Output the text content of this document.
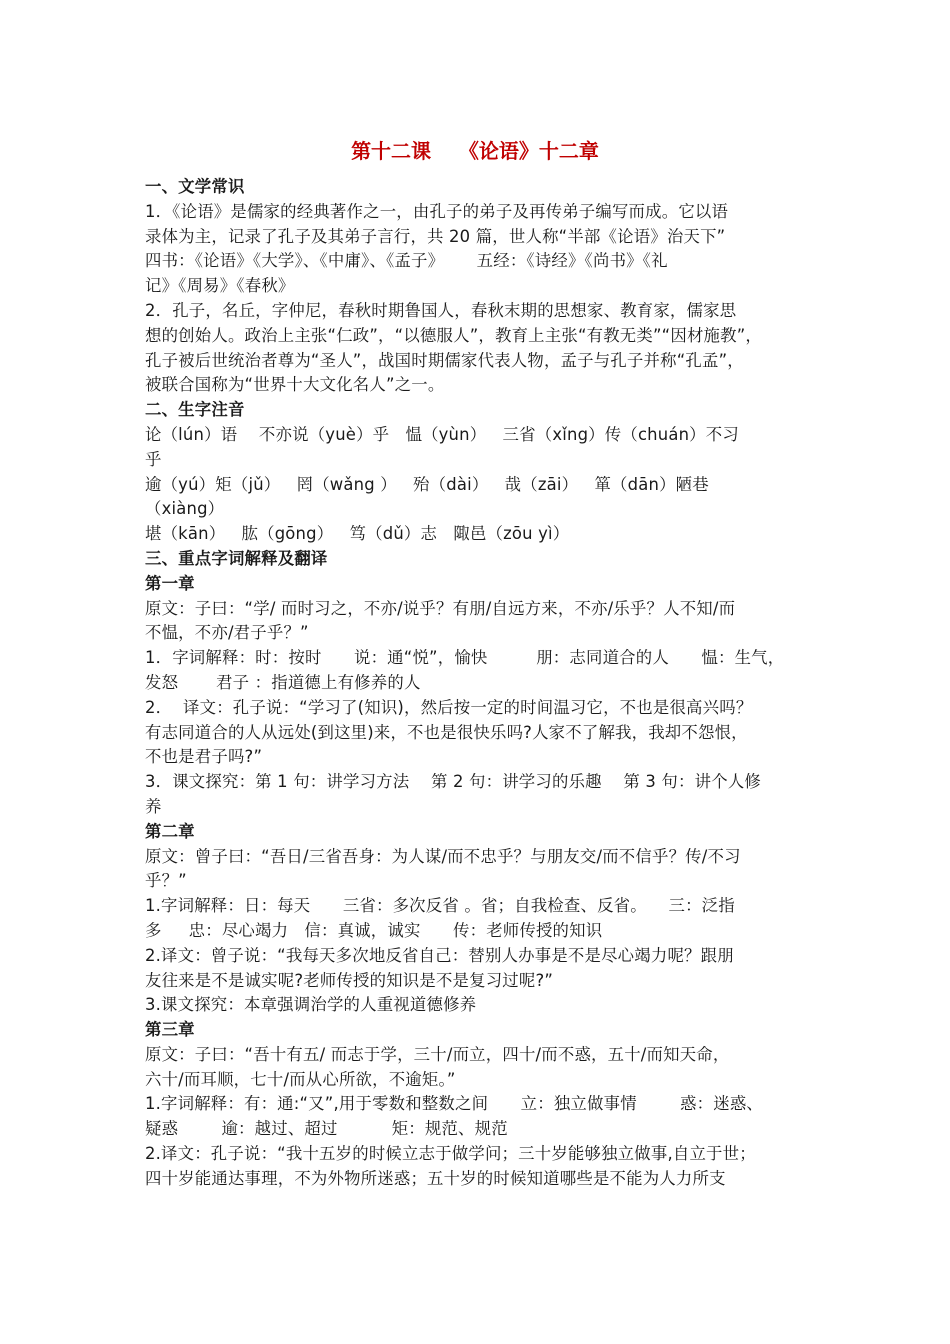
第十二课    《论语》十二章
一、文学常识
1．《论语》是儒家的经典著作之一，由孔子的弟子及再传弟子编写而成。它以语
录体为主，记录了孔子及其弟子言行，共 20 篇，世人称“半部《论语》治天下”
四书：《论语》《大学》、《中庸》、《孟子》      五经：《诗经》《尚书》《礼
记》《周易》《春秋》
2．孔子，名丘，字仲尼，春秋时期鲁国人，春秋末期的思想家、教育家，儒家思
想的创始人。政治上主张“仁政”，“以德服人”，教育上主张“有教无类”“因材施教”，
孔子被后世统治者尊为“圣人”，战国时期儒家代表人物，孟子与孔子并称“孔孟”，
被联合国称为“世界十大文化名人”之一。
二、生字注音
论（lún）语    不亦说（yuè）乎   愠（yùn）   三省（xǐng）传（chuán）不习
乎
逾（yú）矩（jǔ）   罔（wǎng ）   殆（dài）   哉（zāi）   箪（dān）陋巷
（xiàng）
堪（kān）   肱（gōng）   笃（dǔ）志   陬邑（zōu yì）
三、重点字词解释及翻译
第一章
原文：子曰：“学/ 而时习之，不亦/说乎？有朋/自远方来，不亦/乐乎？人不知/而
不愠，不亦/君子乎？”
1．字词解释：时：按时      说：通“悦”，愉快         朋：志同道合的人      愠：生气，
发怒       君子 ：指道德上有修养的人
2．  译文：孔子说：“学习了(知识)，然后按一定的时间温习它，不也是很高兴吗？
有志同道合的人从远处(到这里)来，不也是很快乐吗?人家不了解我，我却不怨恨，
不也是君子吗?”
3．课文探究：第 1 句：讲学习方法    第 2 句：讲学习的乐趣    第 3 句：讲个人修
养
第二章
原文：曾子曰：“吾日/三省吾身：为人谋/而不忠乎？与朋友交/而不信乎？传/不习
乎？”
1.字词解释：日：每天      三省：多次反省 。省；自我检查、反省。    三：泛指
多     忠：尽心竭力   信：真诚，诚实      传：老师传授的知识
2.译文：曾子说：“我每天多次地反省自己：替别人办事是不是尽心竭力呢？跟朋
友往来是不是诚实呢?老师传授的知识是不是复习过呢?”
3.课文探究：本章强调治学的人重视道德修养
第三章
原文：子曰：“吾十有五/ 而志于学，三十/而立，四十/而不惑，五十/而知天命，
六十/而耳顺，七十/而从心所欲，不逾矩。”
1.字词解释：有：通:“又”,用于零数和整数之间      立：独立做事情        惑：迷惑、
疑惑        逾：越过、超过          矩：规范、规范
2.译文：孔子说：“我十五岁的时候立志于做学问；三十岁能够独立做事,自立于世；
四十岁能通达事理，不为外物所迷惑；五十岁的时候知道哪些是不能为人力所支
